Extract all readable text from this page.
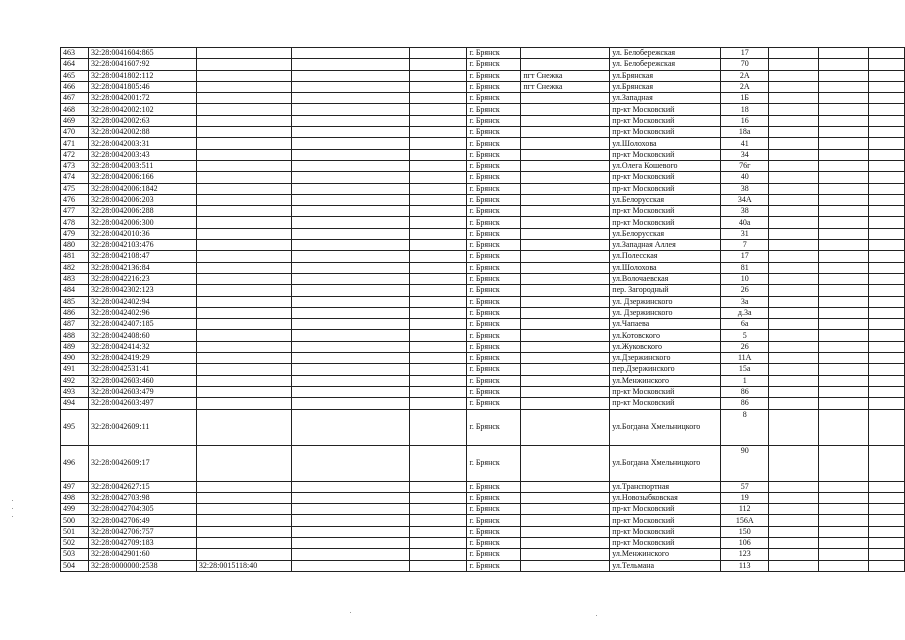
463	32:28:0041604:865				г. Брянск		ул. Белобережская	17			
464	32:28:0041607:92				г. Брянск		ул. Белобережская	70			
465	32:28:0041802:112				г. Брянск	пгт Снежка	ул.Брянская	2А			
466	32:28:0041805:46				г. Брянск	пгт Снежка	ул.Брянская	2А			
467	32:28:0042001:72				г. Брянск		ул.Западная	1Б			
468	32:28:0042002:102				г. Брянск		пр-кт Московский	18			
469	32:28:0042002:63				г. Брянск		пр-кт Московский	16			
470	32:28:0042002:88				г. Брянск		пр-кт Московский	18а			
471	32:28:0042003:31				г. Брянск		ул.Шолохова	41			
472	32:28:0042003:43				г. Брянск		пр-кт Московский	34			
473	32:28:0042003:511				г. Брянск		ул.Олега Кошевого	76г			
474	32:28:0042006:166				г. Брянск		пр-кт Московский	40			
475	32:28:0042006:1842				г. Брянск		пр-кт Московский	38			
476	32:28:0042006:203				г. Брянск		ул.Белорусская	34А			
477	32:28:0042006:288				г. Брянск		пр-кт Московский	38			
478	32:28:0042006:300				г. Брянск		пр-кт Московский	40а			
479	32:28:0042010:36				г. Брянск		ул.Белорусская	31			
480	32:28:0042103:476				г. Брянск		ул.Западная Аллея	7			
481	32:28:0042108:47				г. Брянск		ул.Полесская	17			
482	32:28:0042136:84				г. Брянск		ул.Шолохова	81			
483	32:28:0042216:23				г. Брянск		ул.Волочаевская	10			
484	32:28:0042302:123				г. Брянск		пер. Загородный	26			
485	32:28:0042402:94				г. Брянск		ул. Дзержинского	3а			
486	32:28:0042402:96				г. Брянск		ул. Дзержинского	д.3а			
487	32:28:0042407:185				г. Брянск		ул.Чапаева	6а			
488	32:28:0042408:60				г. Брянск		ул.Котовского	5			
489	32:28:0042414:32				г. Брянск		ул.Жуковского	26			
490	32:28:0042419:29				г. Брянск		ул.Дзержинского	11А			
491	32:28:0042531:41				г. Брянск		пер.Дзержинского	15а			
492	32:28:0042603:460				г. Брянск		ул.Менжинского	1			
493	32:28:0042603:479				г. Брянск		пр-кт Московский	86			
494	32:28:0042603:497				г. Брянск		пр-кт Московский	86			
495	32:28:0042609:11				г. Брянск		ул.Богдана Хмельницкого	8			
496	32:28:0042609:17				г. Брянск		ул.Богдана Хмельницкого	90			
497	32:28:0042627:15				г. Брянск		ул.Транспортная	57			
498	32:28:0042703:98				г. Брянск		ул.Новозыбковская	19			
499	32:28:0042704:305				г. Брянск		пр-кт Московский	112			
500	32:28:0042706:49				г. Брянск		пр-кт Московский	156А			
501	32:28:0042706:757				г. Брянск		пр-кт Московский	150			
502	32:28:0042709:183				г. Брянск		пр-кт Московский	106			
503	32:28:0042901:60				г. Брянск		ул.Менжинского	123			
504	32:28:0000000:2538	32:28:0015118:40			г. Брянск		ул.Тельмана	113			
